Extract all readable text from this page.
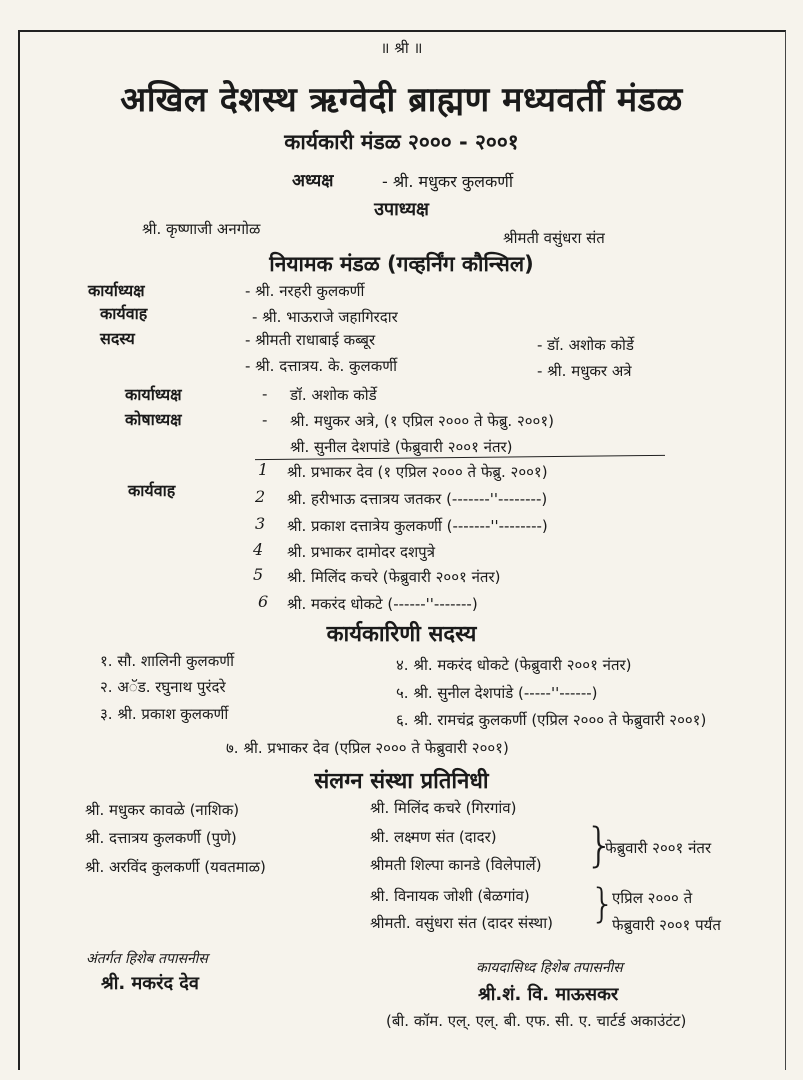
॥ श्री ॥
अखिल देशस्थ ऋग्वेदी ब्राह्मण मध्यवर्ती मंडळ
कार्यकारी मंडळ २००० - २००१
अध्यक्ष	- श्री. मधुकर कुलकर्णी
उपाध्यक्ष
श्री. कृष्णाजी अनगोळ	श्रीमती वसुंधरा संत
नियामक मंडळ (गव्हर्निंग कौन्सिल)
कार्याध्यक्ष	- श्री. नरहरी कुलकर्णी
कार्यवाह	- श्री. भाऊराजे जहागिरदार
सदस्य	- श्रीमती राधाबाई कब्बूर
- श्री. दत्तात्रय. के. कुलकर्णी
- डॉ. अशोक कोर्डे
- श्री. मधुकर अत्रे
कार्याध्यक्ष	- डॉ. अशोक कोर्डे
कोषाध्यक्ष	- श्री. मधुकर अत्रे, (१ एप्रिल २००० ते फेब्रु. २००१)
श्री. सुनील देशपांडे (फेब्रुवारी २००१ नंतर)
कार्यवाह
1 श्री. प्रभाकर देव (१ एप्रिल २००० ते फेब्रु. २००१)
2 श्री. हरीभाऊ दत्तात्रय जतकर (-------''--------)
3 श्री. प्रकाश दत्तात्रेय कुलकर्णी (-------''--------)
4 श्री. प्रभाकर दामोदर दशपुत्रे
5 श्री. मिलिंद कचरे (फेब्रुवारी २००१ नंतर)
6 श्री. मकरंद धोकटे (------''-------)
कार्यकारिणी सदस्य
१. सौ. शालिनी कुलकर्णी
२. अॅड. रघुनाथ पुरंदरे
३. श्री. प्रकाश कुलकर्णी
४. श्री. मकरंद धोकटे (फेब्रुवारी २००१ नंतर)
५. श्री. सुनील देशपांडे (-----''------)
६. श्री. रामचंद्र कुलकर्णी (एप्रिल २००० ते फेब्रुवारी २००१)
७. श्री. प्रभाकर देव (एप्रिल २००० ते फेब्रुवारी २००१)
संलग्न संस्था प्रतिनिधी
श्री. मधुकर कावळे (नाशिक)
श्री. दत्तात्रय कुलकर्णी (पुणे)
श्री. अरविंद कुलकर्णी (यवतमाळ)
श्री. मिलिंद कचरे (गिरगांव)
श्री. लक्ष्मण संत (दादर)
श्रीमती शिल्पा कानडे (विलेपार्ले)
श्री. विनायक जोशी (बेळगांव)
श्रीमती. वसुंधरा संत (दादर संस्था)
}
फेब्रुवारी २००१ नंतर
}
एप्रिल २००० ते
फेब्रुवारी २००१ पर्यंत
अंतर्गत हिशेब तपासनीस
श्री. मकरंद देव
कायदासिध्द हिशेब तपासनीस
श्री.शं. वि. माऊसकर
(बी. कॉम. एल्. एल्. बी. एफ. सी. ए. चार्टर्ड अकाउंटंट)
